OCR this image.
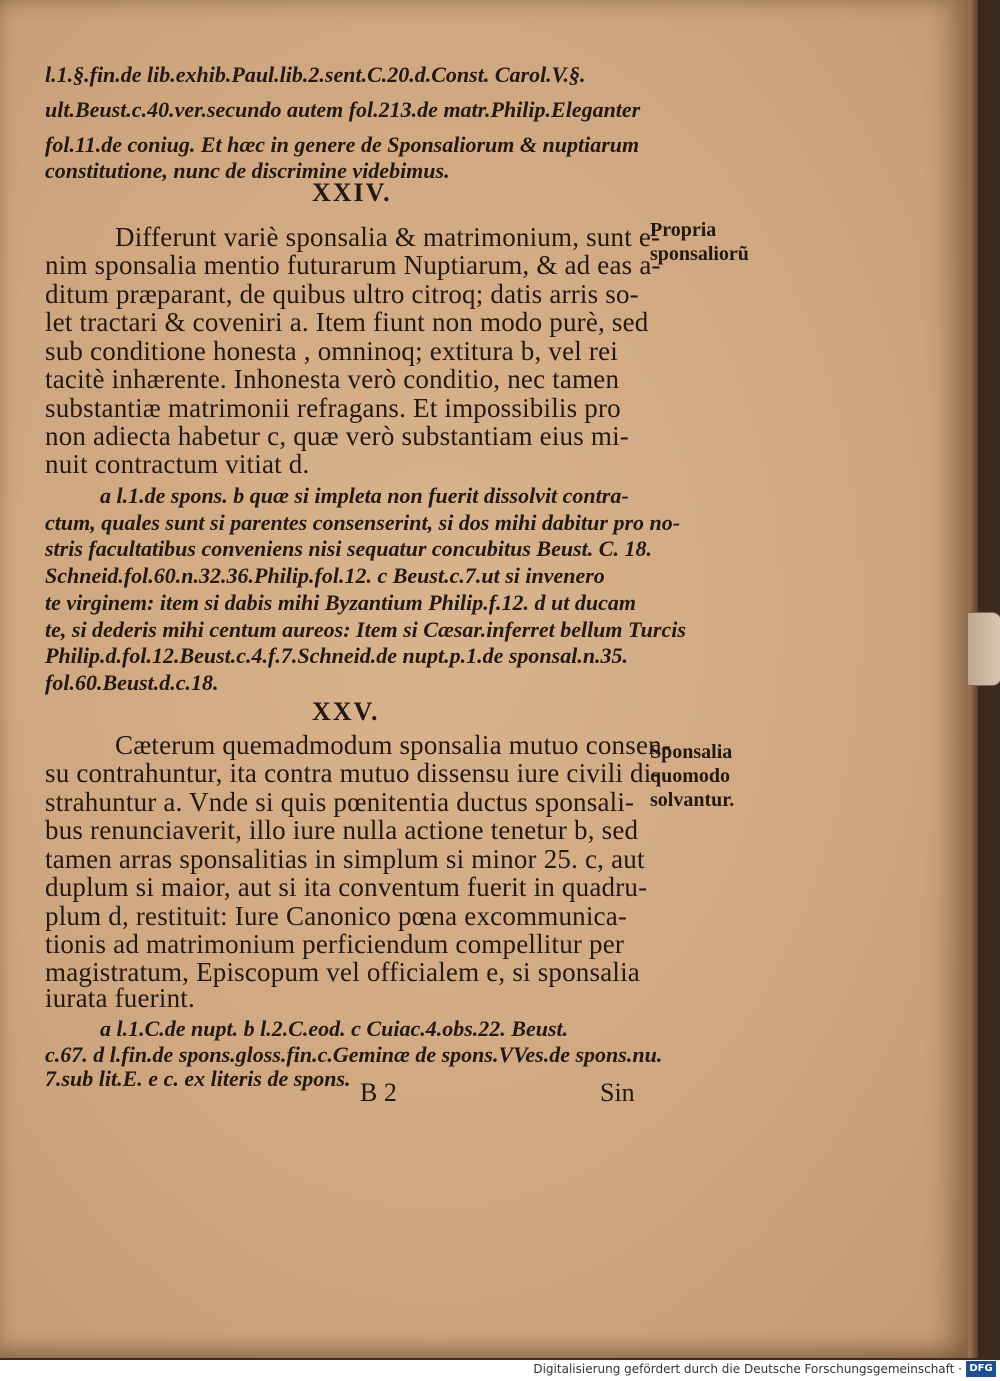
l.1.§.fin.de lib.exhib.Paul.lib.2.sent.C.20.d.Const. Carol.V.§.
ult.Beust.c.40.ver.secundo autem fol.213.de matr.Philip.Eleganter
fol.11.de coniug. Et hæc in genere de Sponsaliorum & nuptiarum
constitutione, nunc de discrimine videbimus.
XXIV.
Propria
sponsaliorũ
Differunt variè sponsalia & matrimonium, sunt e-
nim sponsalia mentio futurarum Nuptiarum, & ad eas a-
ditum præparant, de quibus ultro citroq; datis arris so-
let tractari & coveniri a. Item fiunt non modo purè, sed
sub conditione honesta , omninoq; extitura b, vel rei
tacitè inhærente. Inhonesta verò conditio, nec tamen
substantiæ matrimonii refragans. Et impossibilis pro
non adiecta habetur c, quæ verò substantiam eius mi-
nuit contractum vitiat d.
a l.1.de spons. b quæ si impleta non fuerit dissolvit contra-
ctum, quales sunt si parentes consenserint, si dos mihi dabitur pro no-
stris facultatibus conveniens nisi sequatur concubitus Beust. C. 18.
Schneid.fol.60.n.32.36.Philip.fol.12. c Beust.c.7.ut si invenero
te virginem: item si dabis mihi Byzantium Philip.f.12. d ut ducam
te, si dederis mihi centum aureos: Item si Cæsar.inferret bellum Turcis
Philip.d.fol.12.Beust.c.4.f.7.Schneid.de nupt.p.1.de sponsal.n.35.
fol.60.Beust.d.c.18.
XXV.
Sponsalia
quomodo
solvantur.
Cæterum quemadmodum sponsalia mutuo consen-
su contrahuntur, ita contra mutuo dissensu iure civili di-
strahuntur a. Vnde si quis pœnitentia ductus sponsali-
bus renunciaverit, illo iure nulla actione tenetur b, sed
tamen arras sponsalitias in simplum si minor 25. c, aut
duplum si maior, aut si ita conventum fuerit in quadru-
plum d, restituit: Iure Canonico pœna excommunica-
tionis ad matrimonium perficiendum compellitur per
magistratum, Episcopum vel officialem e, si sponsalia
iurata fuerint.
a l.1.C.de nupt. b l.2.C.eod. c Cuiac.4.obs.22. Beust.
c.67. d l.fin.de spons.gloss.fin.c.Geminæ de spons.VVes.de spons.nu.
7.sub lit.E. e c. ex literis de spons. B 2	Sin
Digitalisierung gefördert durch die Deutsche Forschungsgemeinschaft · DFG
